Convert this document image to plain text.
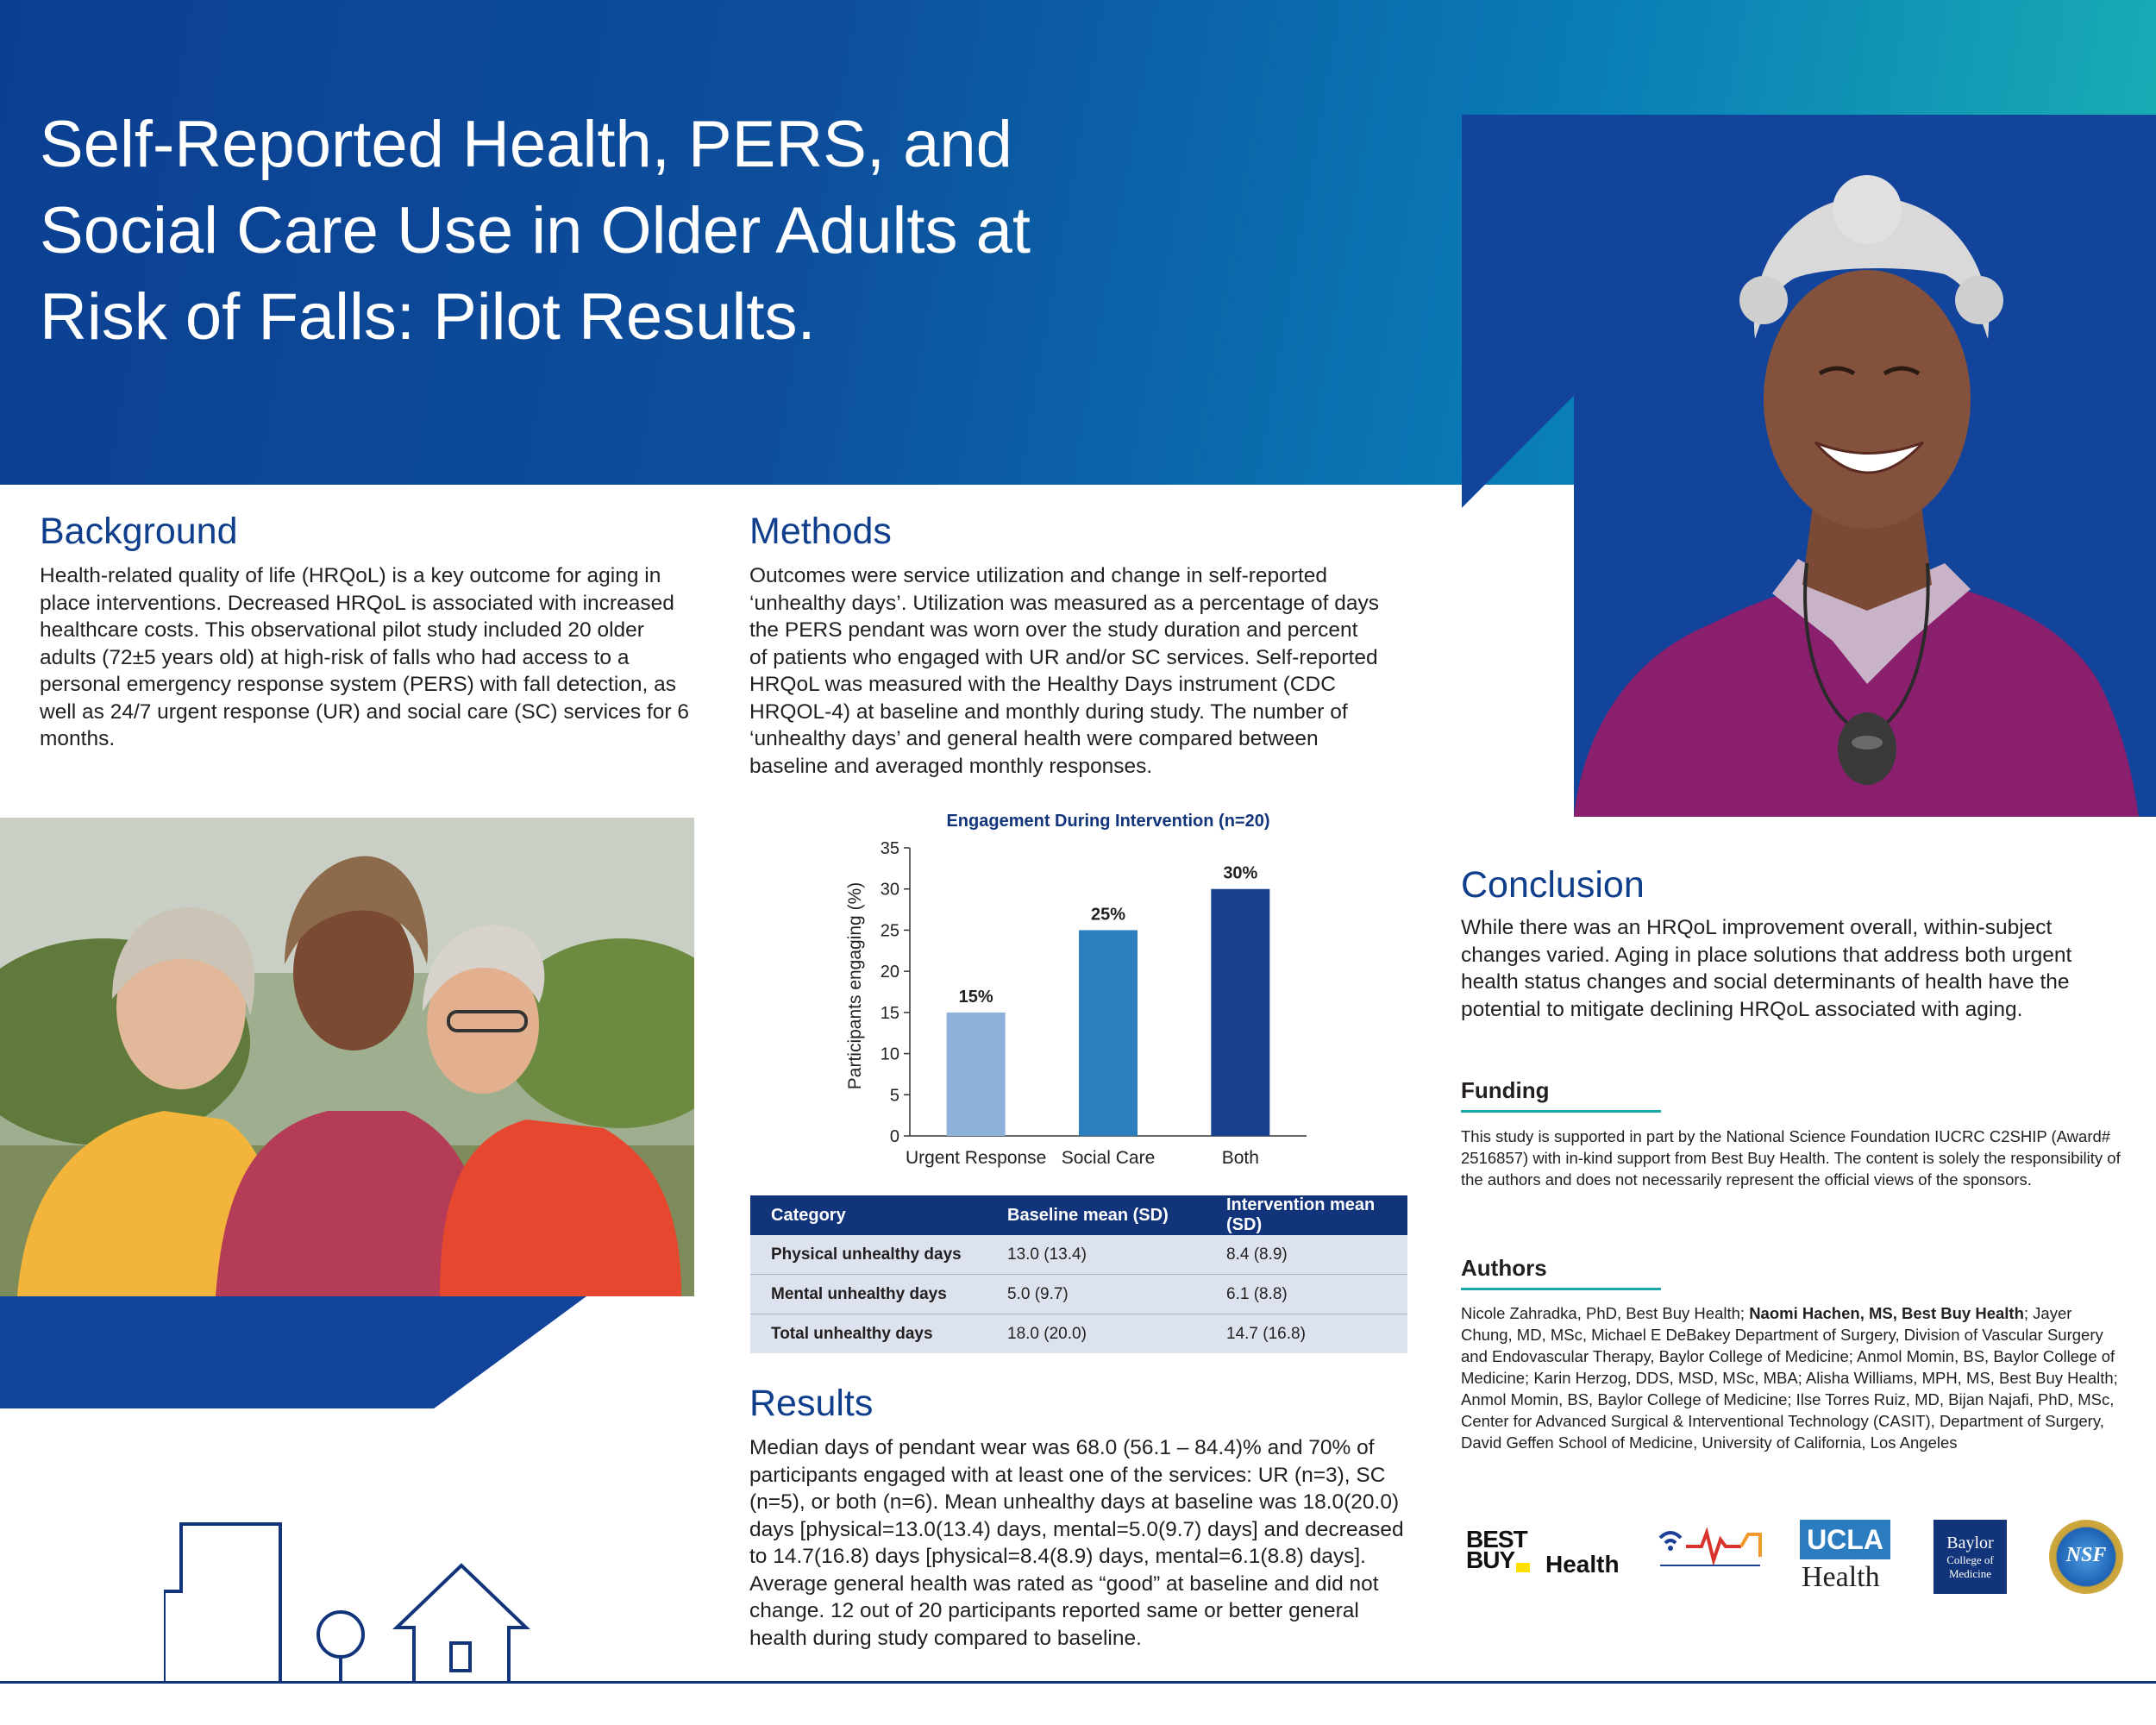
Self-Reported Health, PERS, and Social Care Use in Older Adults at Risk of Falls: Pilot Results.
Background

Health-related quality of life (HRQoL) is a key outcome for aging in place interventions. Decreased HRQoL is associated with increased healthcare costs. This observational pilot study included 20 older adults (72±5 years old) at high-risk of falls who had access to a personal emergency response system (PERS) with fall detection, as well as 24/7 urgent response (UR) and social care (SC) services for 6 months.

Methods

Outcomes were service utilization and change in self-reported ‘unhealthy days’. Utilization was measured as a percentage of days the PERS pendant was worn over the study duration and percent of patients who engaged with UR and/or SC services. Self-reported HRQoL was measured with the Healthy Days instrument (CDC HRQOL-4) at baseline and monthly during study. The number of ‘unhealthy days’ and general health were compared between baseline and averaged monthly responses.

Engagement During Intervention (n=20)
Participants engaging (%)
0
5
10
15
20
25
30
35
15%
Urgent Response
25%
Social Care
30%
Both
Category	Baseline mean (SD)	Intervention mean (SD)
Physical unhealthy days	13.0 (13.4)	8.4 (8.9)
Mental unhealthy days	5.0 (9.7)	6.1 (8.8)
Total unhealthy days	18.0 (20.0)	14.7 (16.8)
Results

Median days of pendant wear was 68.0 (56.1 – 84.4)% and 70% of participants engaged with at least one of the services: UR (n=3), SC (n=5), or both (n=6). Mean unhealthy days at baseline was 18.0(20.0) days [physical=13.0(13.4) days, mental=5.0(9.7) days] and decreased to 14.7(16.8) days [physical=8.4(8.9) days, mental=6.1(8.8) days]. Average general health was rated as “good” at baseline and did not change. 12 out of 20 participants reported same or better general health during study compared to baseline.

Conclusion

While there was an HRQoL improvement overall, within-subject changes varied. Aging in place solutions that address both urgent health status changes and social determinants of health have the potential to mitigate declining HRQoL associated with aging.

Funding

This study is supported in part by the National Science Foundation IUCRC C2SHIP (Award# 2516857) with in-kind support from Best Buy Health. The content is solely the responsibility of the authors and does not necessarily represent the official views of the sponsors.

Authors

Nicole Zahradka, PhD, Best Buy Health; Naomi Hachen, MS, Best Buy Health; Jayer Chung, MD, MSc, Michael E DeBakey Department of Surgery, Division of Vascular Surgery and Endovascular Therapy, Baylor College of Medicine; Anmol Momin, BS, Baylor College of Medicine; Karin Herzog, DDS, MSD, MSc, MBA; Alisha Williams, MPH, MS, Best Buy Health; Anmol Momin, BS, Baylor College of Medicine; Ilse Torres Ruiz, MD, Bijan Najafi, PhD, MSc, Center for Advanced Surgical & Interventional Technology (CASIT), Department of Surgery, David Geffen School of Medicine, University of California, Los Angeles

BEST
BUY Health
UCLA
Health
Baylor
College of
Medicine
NSF
